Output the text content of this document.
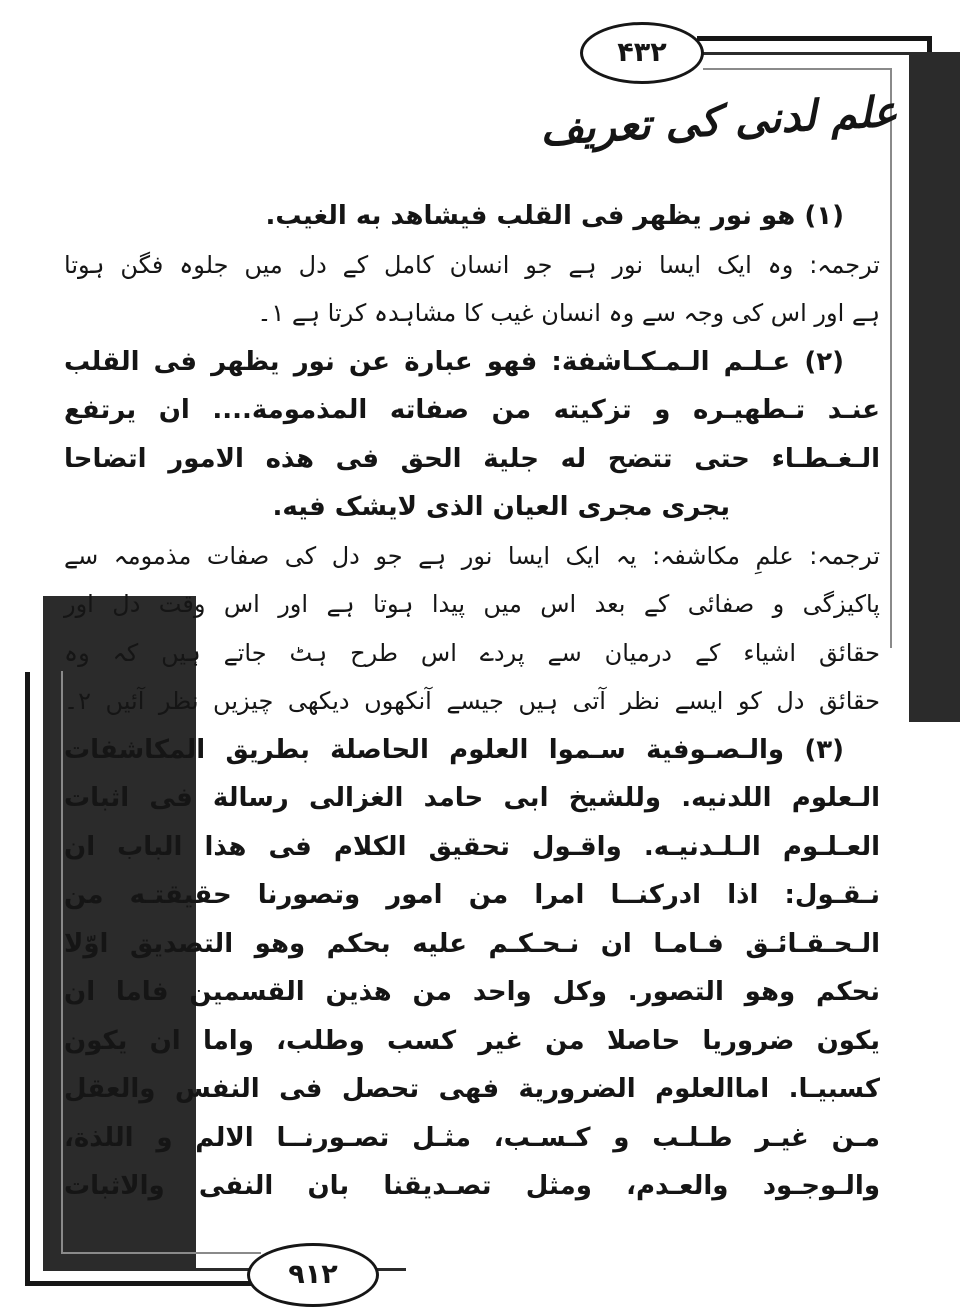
۴۳۲
۹۱۲
علم لدنی کی تعریف
(۱) هو نور يظهر فى القلب فيشاهد به الغيب.
ترجمہ: وہ ایک ایسا نور ہے جو انسان کامل کے دل میں جلوہ فگن ہوتا
ہے اور اس کی وجہ سے وہ انسان غیب کا مشاہدہ کرتا ہے ۱۔
(۲) عـلـم الـمـکـاشفة: فهو عبارة عن نور يظهر فى القلب
عنـد تـطهيـره و تزکيته من صفاته المذمومة.... ان يرتفع
الـغـطـاء حتى تتضح له جلية الحق فى هذه الامور اتضاحا
يجرى مجرى العيان الذى لايشک فيه.
ترجمہ: علمِ مکاشفہ: یہ ایک ایسا نور ہے جو دل کی صفات مذمومہ سے
پاکیزگی و صفائی کے بعد اس میں پیدا ہوتا ہے اور اس وقت دل اور
حقائق اشیاء کے درمیان سے پردے اس طرح ہٹ جاتے ہیں کہ وہ
حقائق دل کو ایسے نظر آتی ہیں جیسے آنکھوں دیکھی چیزیں نظر آئیں ۲۔
(۳) والـصـوفية سـموا العلوم الحاصلة بطريق المکاشفات
الـعلوم اللدنيه. وللشيخ ابى حامد الغزالى رسالة فى اثبات
العـلـوم الـلـدنيـه. واقـول تحقيق الکلام فى هذا الباب ان
نـقـول: اذا ادرکنــا امرا من امور وتصورنا حقيقتـه من
الـحـقـائـق فـامـا ان نـحـکـم عليه بحکم وهو التصديق اوّلا
نحکم وهو التصور. وکل واحد من هذين القسمين فاما ان
يکون ضروريا حاصلا من غير کسب وطلب، واما ان يکون
کسبيـا. اماالعلوم الضرورية فهى تحصل فى النفس والعقل
مـن غيـر طـلـب و کـسـب، مثـل تصـورنــا الالم و اللذة،
والـوجـود والعـدم، ومثل تصـديقنا بان النفى والاثبات
